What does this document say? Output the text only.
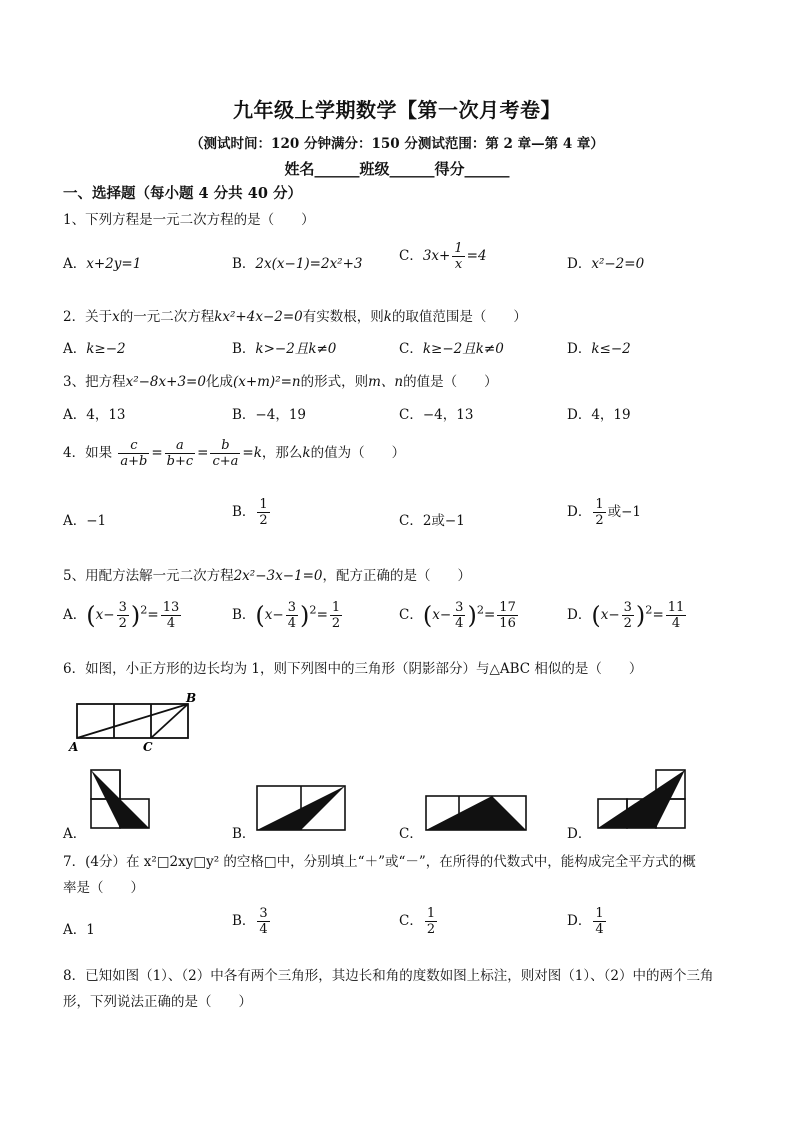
九年级上学期数学【第一次月考卷】
（测试时间：120 分钟满分：150 分测试范围：第 2 章—第 4 章）
姓名______班级______得分______
一、选择题（每小题 4 分共 40 分）
1、下列方程是一元二次方程的是（　　）
A．x+2y=1	B．2x(x−1)=2x²+3	C．$3x+ \frac{1}{x} =4$	D．x²−2=0
2．关于x的一元二次方程kx²+4x−2=0有实数根，则k的取值范围是（　　）
A．k≥−2	B．k>−2且k≠0	C．k≥−2且k≠0	D．k≤−2
3、把方程x²−8x+3=0化成(x+m)²=n的形式，则m、n的值是（　　）
A．4，13	B．−4，19	C．−4，13	D．4，19
4．如果 $\frac{c}{a+b} = \frac{a}{b+c} = \frac{b}{c+a} =k$，那么k的值为（　　）
A．−1
B． $\frac{1}{2}$	C．2或−1
D． $\frac{1}{2}$ 或−1
5、用配方法解一元二次方程2x²−3x−1=0，配方正确的是（　　）
A．$(x- \frac{3}{2} )^2= \frac{13}{4}$	B．$(x- \frac{3}{4} )^2= \frac{1}{2}$	C．$(x- \frac{3}{4} )^2= \frac{17}{16}$	D．$(x- \frac{3}{2} )^2= \frac{11}{4}$
6．如图，小正方形的边长均为 1，则下列图中的三角形（阴影部分）与△ABC 相似的是（　　）
A
B
C
A．	B．	C．	D．
7．(4分）在 x²□2xy□y² 的空格□中，分别填上“＋”或“－”，在所得的代数式中，能构成完全平方式的概
率是（　　）
A．1
B． $\frac{3}{4}$	C． $\frac{1}{2}$	D． $\frac{1}{4}$
8．已知如图（1）、（2）中各有两个三角形，其边长和角的度数如图上标注，则对图（1）、（2）中的两个三角
形，下列说法正确的是（　　）
